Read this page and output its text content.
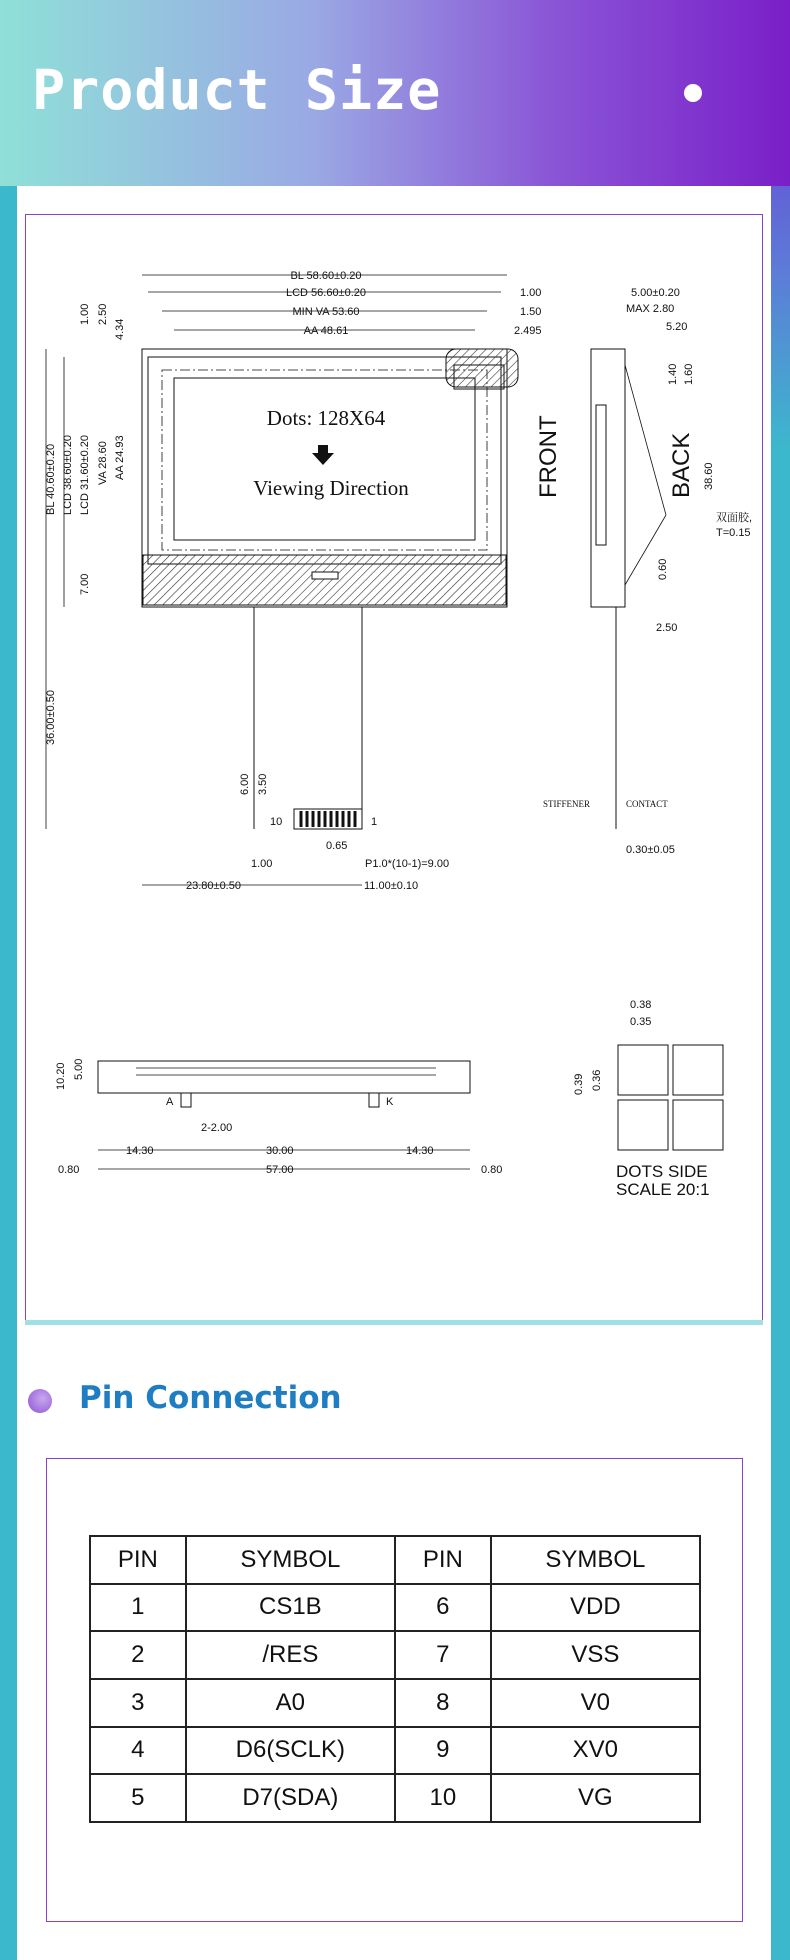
Product Size
Dots: 128X64
Viewing Direction
10	1
BL 58.60±0.20
LCD 56.60±0.20
MIN VA 53.60
AA 48.61
1.00
1.50
2.495
BL 40.60±0.20 LCD 38.60±0.20 LCD 31.60±0.20 VA 28.60 AA 24.93
1.00 2.50
4.34
7.00
36.00±0.50
6.00 3.50
0.65
1.00	P1.0*(10-1)=9.00
23.80±0.50	11.00±0.10
FRONT	BACK
5.00±0.20
MAX 2.80
5.20
1.40 1.60
38.60
双面胶,
T=0.15
0.60
2.50
STIFFENER	CONTACT
0.30±0.05
A	K
10.20 5.00
2-2.00
14.30	30.00	14.30
0.80	57.00	0.80
0.38
0.35
0.39 0.36
DOTS SIDE
SCALE 20:1
Pin Connection
PIN	SYMBOL	PIN	SYMBOL
1	CS1B	6	VDD
2	/RES	7	VSS
3	A0	8	V0
4	D6(SCLK)	9	XV0
5	D7(SDA)	10	VG
